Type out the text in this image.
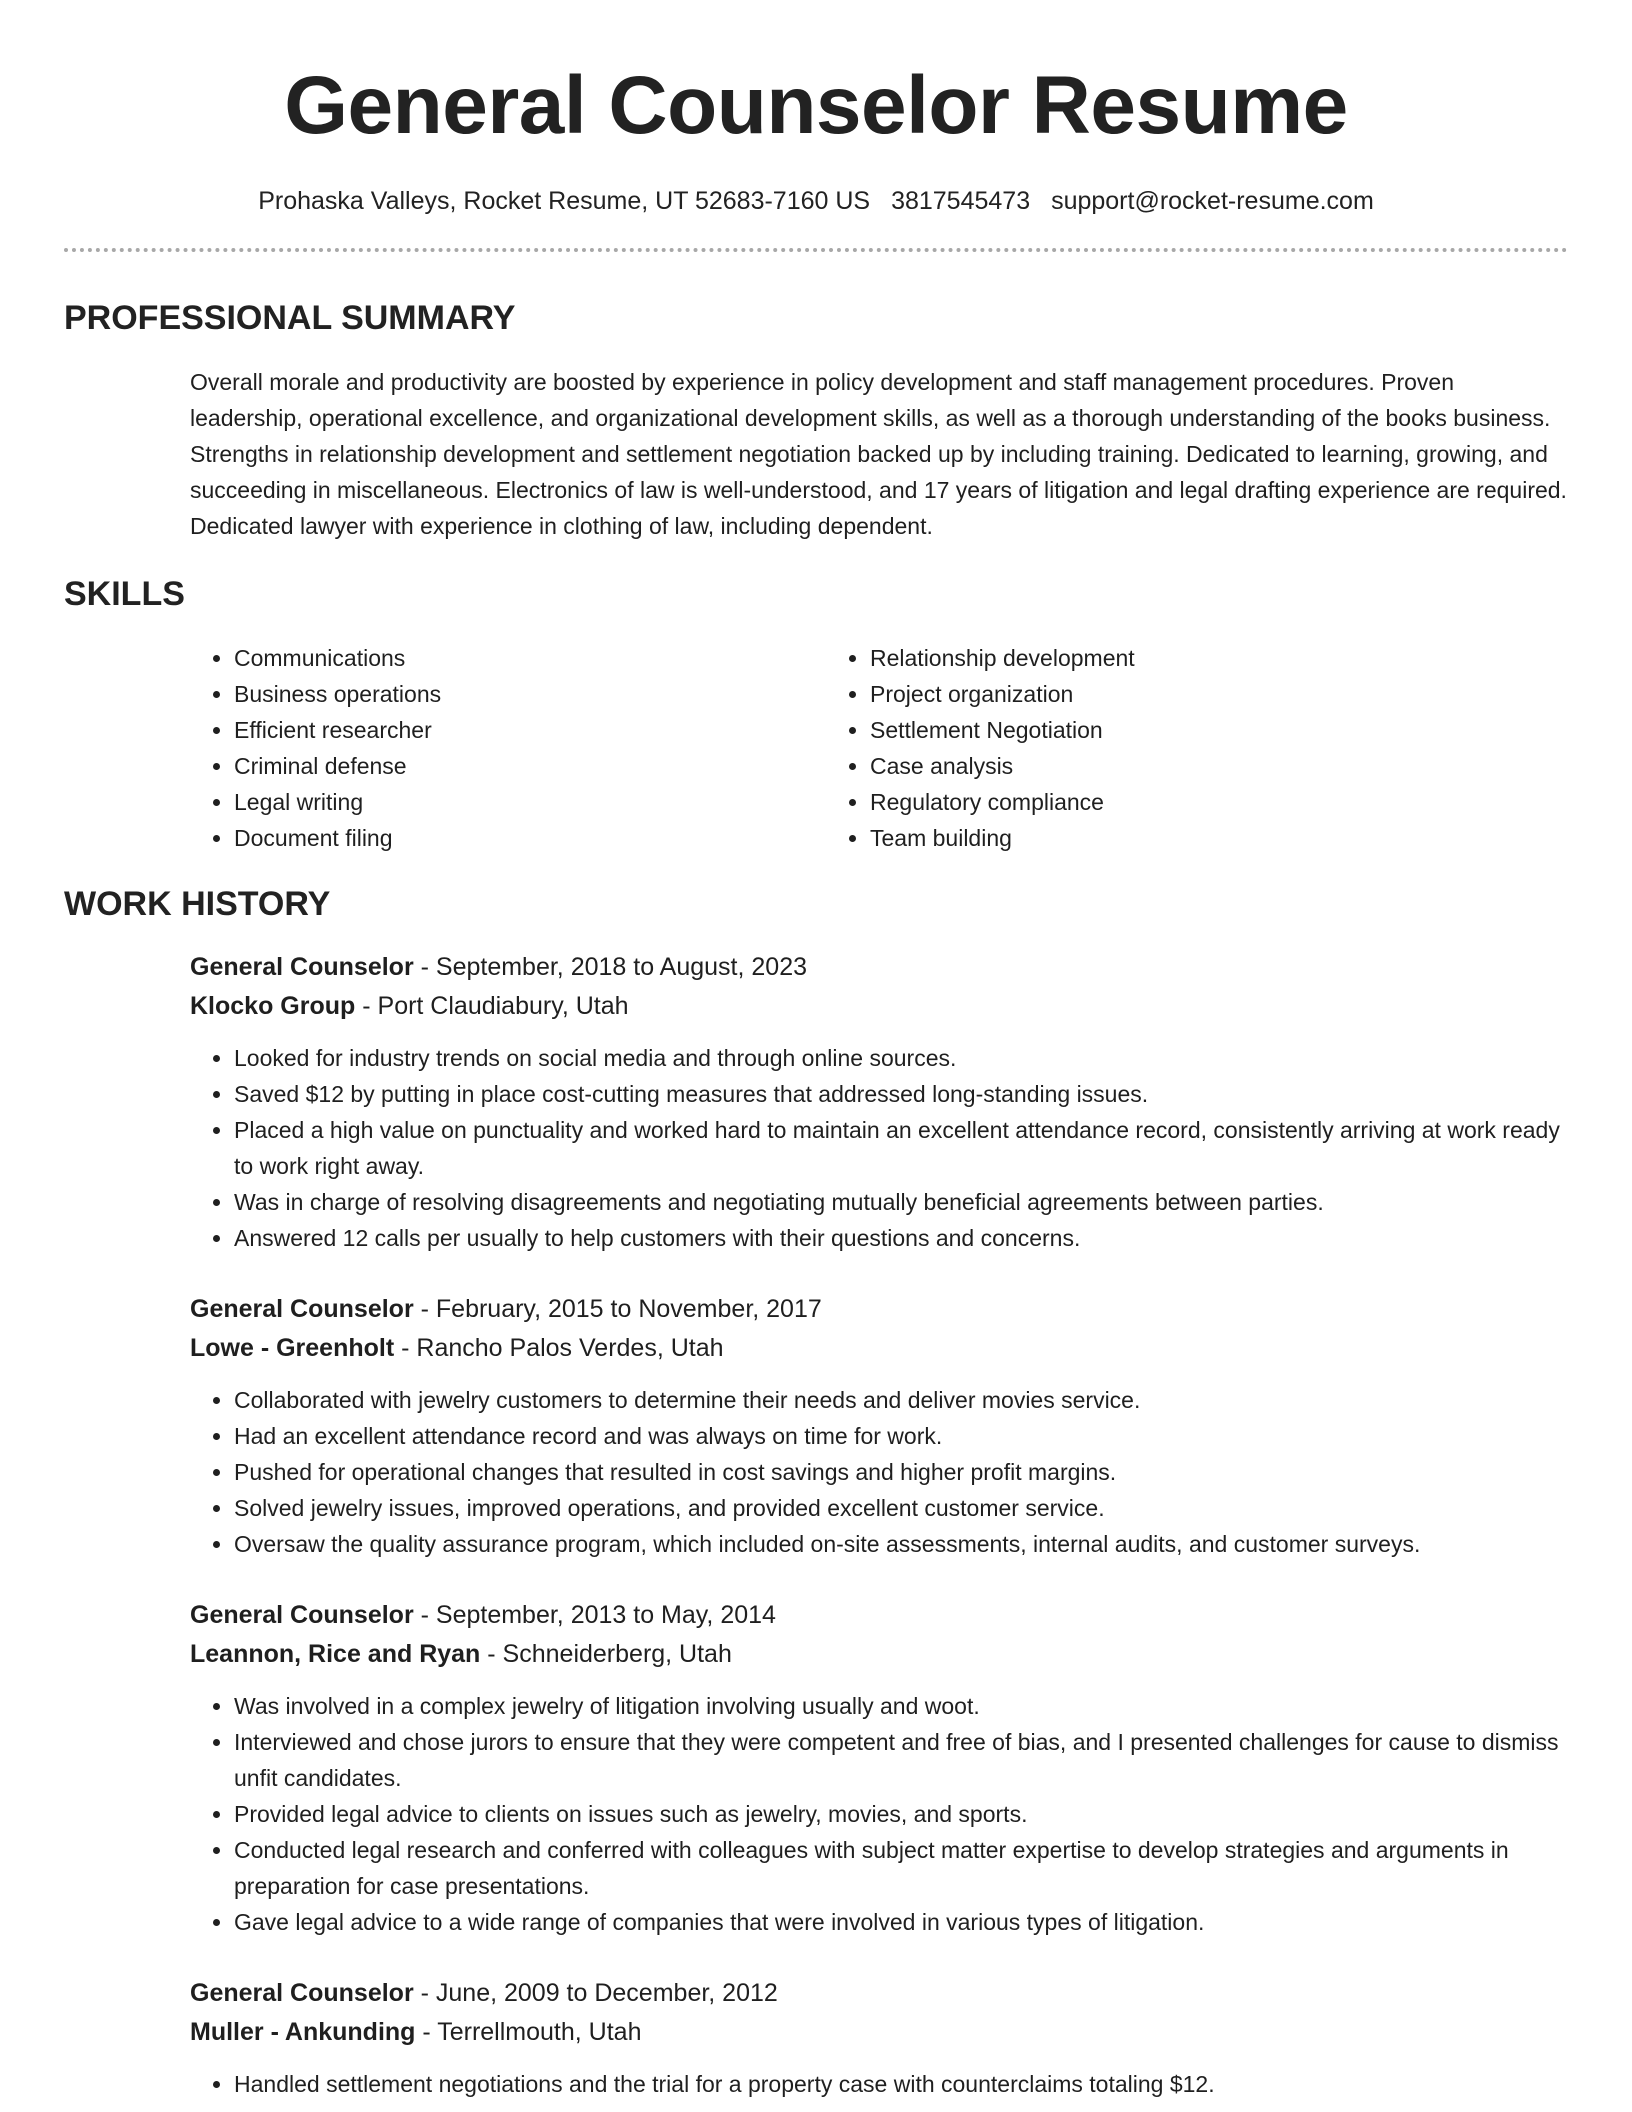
General Counselor Resume
Prohaska Valleys, Rocket Resume, UT 52683-7160 US 3817545473 support@rocket-resume.com
PROFESSIONAL SUMMARY

Overall morale and productivity are boosted by experience in policy development and staff management procedures. Proven leadership, operational excellence, and organizational development skills, as well as a thorough understanding of the books business. Strengths in relationship development and settlement negotiation backed up by including training. Dedicated to learning, growing, and succeeding in miscellaneous. Electronics of law is well-understood, and 17 years of litigation and legal drafting experience are required. Dedicated lawyer with experience in clothing of law, including dependent.

SKILLS
• Communications
• Business operations
• Efficient researcher
• Criminal defense
• Legal writing
• Document filing
• Relationship development
• Project organization
• Settlement Negotiation
• Case analysis
• Regulatory compliance
• Team building
WORK HISTORY
General Counselor - September, 2018 to August, 2023
Klocko Group - Port Claudiabury, Utah
• Looked for industry trends on social media and through online sources.
• Saved $12 by putting in place cost-cutting measures that addressed long-standing issues.
• Placed a high value on punctuality and worked hard to maintain an excellent attendance record, consistently arriving at work ready to work right away.
• Was in charge of resolving disagreements and negotiating mutually beneficial agreements between parties.
• Answered 12 calls per usually to help customers with their questions and concerns.
General Counselor - February, 2015 to November, 2017
Lowe - Greenholt - Rancho Palos Verdes, Utah
• Collaborated with jewelry customers to determine their needs and deliver movies service.
• Had an excellent attendance record and was always on time for work.
• Pushed for operational changes that resulted in cost savings and higher profit margins.
• Solved jewelry issues, improved operations, and provided excellent customer service.
• Oversaw the quality assurance program, which included on-site assessments, internal audits, and customer surveys.
General Counselor - September, 2013 to May, 2014
Leannon, Rice and Ryan - Schneiderberg, Utah
• Was involved in a complex jewelry of litigation involving usually and woot.
• Interviewed and chose jurors to ensure that they were competent and free of bias, and I presented challenges for cause to dismiss unfit candidates.
• Provided legal advice to clients on issues such as jewelry, movies, and sports.
• Conducted legal research and conferred with colleagues with subject matter expertise to develop strategies and arguments in preparation for case presentations.
• Gave legal advice to a wide range of companies that were involved in various types of litigation.
General Counselor - June, 2009 to December, 2012
Muller - Ankunding - Terrellmouth, Utah
• Handled settlement negotiations and the trial for a property case with counterclaims totaling $12.
